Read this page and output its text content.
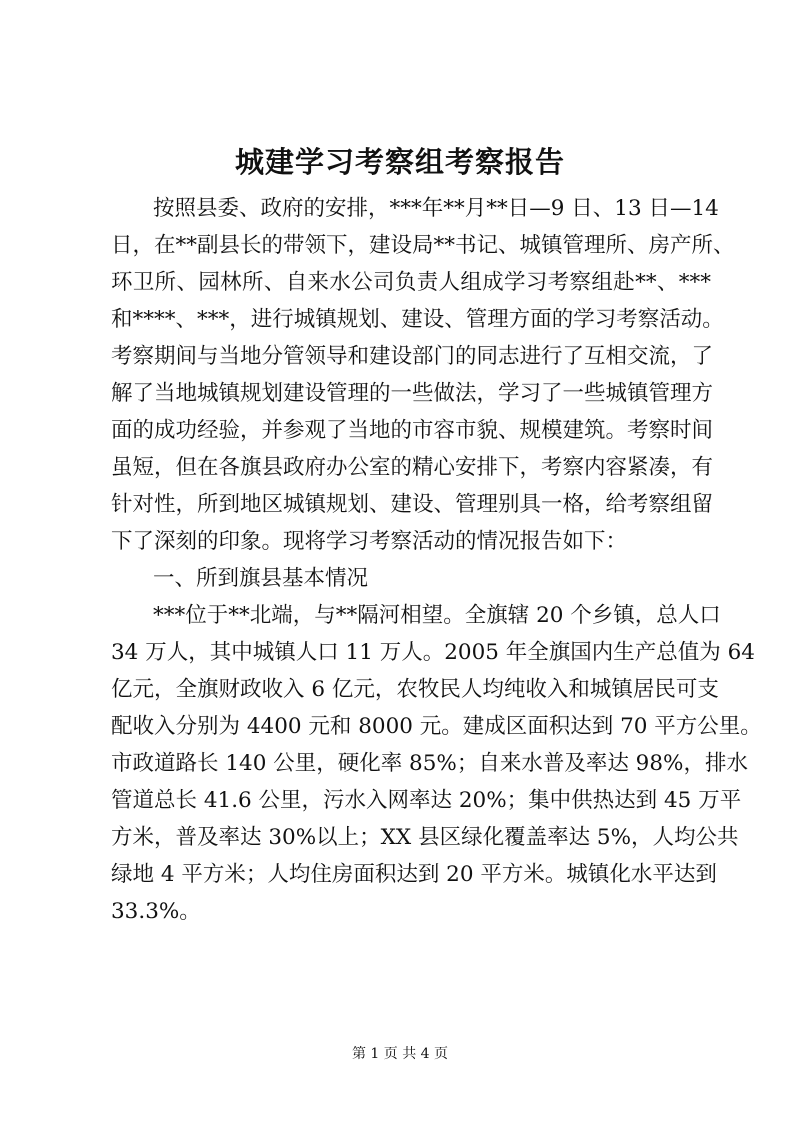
城建学习考察组考察报告
按照县委、政府的安排，***年**月**日—9 日、13 日—14
日，在**副县长的带领下，建设局**书记、城镇管理所、房产所、
环卫所、园林所、自来水公司负责人组成学习考察组赴**、***
和****、***，进行城镇规划、建设、管理方面的学习考察活动。
考察期间与当地分管领导和建设部门的同志进行了互相交流，了
解了当地城镇规划建设管理的一些做法，学习了一些城镇管理方
面的成功经验，并参观了当地的市容市貌、规模建筑。考察时间
虽短，但在各旗县政府办公室的精心安排下，考察内容紧凑，有
针对性，所到地区城镇规划、建设、管理别具一格，给考察组留
下了深刻的印象。现将学习考察活动的情况报告如下：
一、所到旗县基本情况
***位于**北端，与**隔河相望。全旗辖 20 个乡镇，总人口
34 万人，其中城镇人口 11 万人。2005 年全旗国内生产总值为 64
亿元，全旗财政收入 6 亿元，农牧民人均纯收入和城镇居民可支
配收入分别为 4400 元和 8000 元。建成区面积达到 70 平方公里。
市政道路长 140 公里，硬化率 85%；自来水普及率达 98%，排水
管道总长 41.6 公里，污水入网率达 20%；集中供热达到 45 万平
方米，普及率达 30%以上；XX 县区绿化覆盖率达 5%，人均公共
绿地 4 平方米；人均住房面积达到 20 平方米。城镇化水平达到
33.3%。
第 1 页 共 4 页
